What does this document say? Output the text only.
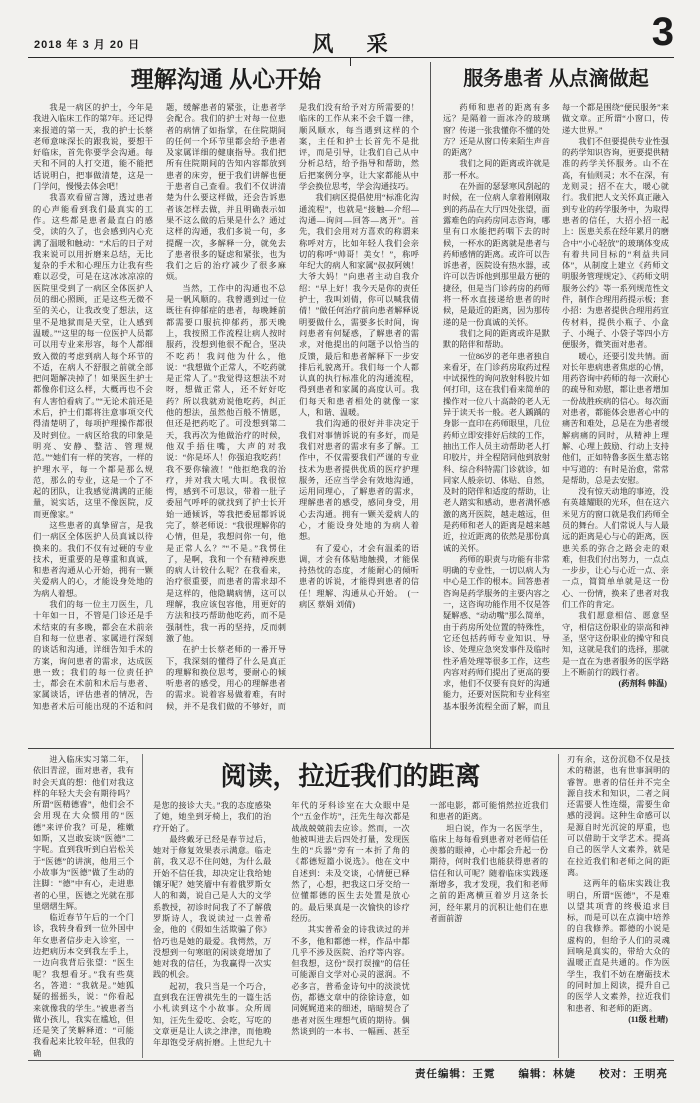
2018 年 3 月 20 日	风 采	3
理解沟通 从心开始

我是一病区的护士，今年是我进入临床工作的第7年。还记得来报道的第一天，我的护士长蔡老师意味深长的跟我说，要想干好临床，首先你要学会沟通。每天和不同的人打交道，能不能把话说明白，把事做清楚，这是一门学问，慢慢去体会吧！

我喜欢看留言簿，透过患者的心声能看到我们最真实的工作。这些都是患者最直白的感受，读的久了，也会感到内心充满了温暖和触动：“术后的日子对我来说可以用折磨来总结，无比复杂的手术和心理压力让我有些难以忍受，可是在这冰冰凉凉的医院里受到了一病区全体医护人员的细心照顾，正是这些无微不至的关心，让我改变了想法，这里不是地狱而是天堂，让人感到温暖。”“这里的每一位医护人员都可以用专业来形容，每个人都细致入微的考虑到病人每个环节的不适，在病人不舒服之前就全部把问题解决掉了！如果医生护士都像你们这么样，大概再也不会有人害怕看病了。”“无论术前还是术后，护士们都将注意事项交代得清楚明了，每项护理操作都很及时到位。一病区给我的印象是明亮、安静、整洁、管理规范。”“她们有一样的笑容，一样的护理水平，每一个都是那么规范，那么的专业，这是一个了不起的团队，让我感觉满满的正能量，说实话，这里不像医院，反而更像家。”

这些患者的真挚留言，是我们一病区全体医护人员真诚以待换来的。我们不仅有过硬的专业技术，更重要的是尊重和真诚，和患者沟通从心开始，拥有一颗关爱病人的心，才能设身处地的为病人着想。

我们的每一位主刀医生，几十年如一日，不管是门诊还是手术结束的有多晚，都会在术前亲自和每一位患者、家属进行深刻的谈话和沟通，详细告知手术的方案，询问患者的需求，达成医患一致；我们的每一位责任护士，都会在术前和术后与患者、家属谈话，评估患者的情况，告知患者术后可能出现的不适和问题，缓解患者的紧张，让患者学会配合。我们的护士对每一位患者的病情了如指掌，在住院期间的任何一个环节里都会给予患者及家属详细的健康指导。我们把所有住院期间的告知内容都放到患者的床旁，便于我们讲解也便于患者自己查看。我们不仅讲清楚为什么要这样做，还会告诉患者该怎样去做，并且明确表示如果不这么做的后果是什么？通过这样的沟通，我们多说一句，多提醒一次，多解释一分，就免去了患者很多的疑虑和紧张，也为我们之后的治疗减少了很多麻烦。

当然，工作中的沟通也不总是一帆风顺的。我曾遇到过一位既往有抑郁症的患者，每晚睡前都需要口服抗抑郁药，那天晚上，我按照工作流程让病人按时服药，没想到他很不配合，坚决不吃药！我问他为什么，他说：“我想做个正常人，不吃药就是正常人了。”我觉得这想法不对呀，想做正常人，还不好好吃药？所以我就劝说他吃药，纠正他的想法，虽然他百般不情愿，但还是把药吃了。可没想到第二天，我再次为他做治疗的时候，他双手捂住嘴，大声的对我说：“你是坏人！你强迫我吃药！我不要你输液！”他拒绝我的治疗，并对我大吼大叫。我很惊愕，感到不可思议，带着一肚子委屈气呼呼的就找到了护士长开始一通倾诉，等我把委屈都诉说完了，蔡老师说：“我很理解你的心情，但是，我想问你一句，他是正常人么？”“不是。”我愣住了，是啊，我和一个有精神疾患的病人计较什么呢？在我看来，治疗很重要，而患者的需求却不是这样的，他隐瞒病情，这可以理解，我应该包容他，用更好的方法和技巧帮助他吃药，而不是强制性，我一再的坚持，反而刺激了他。

在护士长蔡老师的一番开导下，我深刻的懂得了什么是真正的理解和换位思考，要耐心的倾听患者的感受，用心的理解患者的需求。说着容易做着难，有时候，并不是我们做的不够好，而是我们没有给予对方所需要的！临床的工作从来不会千篇一律，顺风顺水，每当遇到这样的个案，主任和护士长首先不是批评，而是引导，让我们自己从中分析总结，给予指导和帮助，然后把案例分享，让大家都能从中学会换位思考，学会沟通技巧。

我们病区提倡使用“标准化沟通流程”，也就是“接触—介绍—沟通—询问—回答—离开”。首先，我们会用对方喜欢的称谓来称呼对方，比如年轻人我们会亲切的称呼“帅哥！美女！”，称呼年纪大的病人和家属“叔叔阿姨！大爷大妈！”向患者主动自我介绍：“早上好！我今天是你的责任护士，我叫刘倩，你可以喊我倩倩！”做任何治疗前向患者解释说明要做什么，需要多长时间，询问患者有何疑惑，了解患者的需求，对他提出的问题予以恰当的反馈，最后和患者解释下一步安排后礼貌离开。我们每一个人都认真的执行标准化的沟通流程，得到患者和家属的高度认可。我们每天和患者相处的就像一家人，和谐、温暖。

我们沟通的很好并非决定于我们对事情诉说的有多好，而是我们对患者的需求有多了解。工作中，不仅需要我们严谨的专业技术为患者提供优质的医疗护理服务，还应当学会有效地沟通，运用同理心，了解患者的需求，理解患者的感受，感同身受，用心去沟通。拥有一颗关爱病人的心，才能设身处地的为病人着想。

有了爱心，才会有温柔的语调，才会有体贴地触摸，才能保持热忱的态度，才能耐心的倾听患者的诉说，才能得到患者的信任！理解、沟通从心开始。　(一病区 蔡娟 刘倩)

服务患者 从点滴做起

药师和患者的距离有多远？是隔着一面冰冷的玻璃窗？传递一张我懂你不懂的处方？还是从窗口传来陌生声音的距离？

我们之间的距离或许就是那一杯水。

在外面的瑟瑟寒风刮起的时候，在一位病人拿着刚刚取到的药品在大厅四处张望，面露难色的向药房同志咨询，哪里有口水能把药咽下去的时候，一杯水的距离就是患者与药师感情的距离。或许可以告诉患者，医院设有热水器，或许可以告诉他到那里最方便的捷径，但是当门诊药房的药师将一杯水直接递给患者的时候，是最近的距离，因为那传递的是一份真诚的关怀。

我们之间的距离或许是默默的陪伴和帮助。

一位86岁的老年患者独自来看牙，在门诊药房取药过程中试探性的询问放射科胶片如何打印，这在我们看来简单的操作对一位八十高龄的老人无异于读天书一般。老人踽踽的身影一直印在药师眼里，几位药师立即安排好后续的工作，抽出工作人员主动帮助老人打印胶片，并全程陪同他到放射科、综合科特需门诊就诊，如同家人般亲切、体贴、自然，及时的陪伴和适度的帮助，让老人踏实和感动，患者满怀感激的离开医院，越走越远，但是药师和老人的距离是越来越近，拉近距离的依然是那份真诚的关怀。

药师的职责与功能有非常明确的专业性，一切以病人为中心是工作的根本。回答患者咨询是药学服务的主要内容之一，这咨询功能作用不仅是答疑解惑、“动动嘴”那么简单，由于药房所处位置的特殊性，它还包括药师专业知识、导诊、处理应急突发事件及临时性矛盾处理等很多工作，这些内容对药师们提出了更高的要求，他们不仅要有良好的沟通能力，还要对医院和专业科室基本服务流程全面了解，而且每一个都是围绕“便民服务”来做文章。正所谓“小窗口，传递大世界。”

我们不但要提供专业性强的药学知识咨询，更要提供精准的药学关怀服务。山不在高，有仙则灵；水不在深，有龙则灵；招不在大，暖心就行。我们把人文关怀真正融入到专业的药学服务中，为取得患者的信任，大招小招一起上：医患关系在经年累月的磨合中“小心轻放”的玻璃体变成有着共同目标的“利益共同体”，从制度上建立《药师文明服务管理规定》、《药师文明服务公约》等一系列规范性文件，制作合理用药提示板；套小招：为患者提供合理用药宣传材料，提供小瓶子、小盒子、小绳子、小袋子等四小方便服务，微笑面对患者。

暖心，还要引发共情。面对长年患病患者焦虑的心情，用药咨询中药师的每一次耐心的疏导和劝慰，都让患者增加一份战胜疾病的信心。每次面对患者，都能体会患者心中的痛苦和难处，总是在为患者缓解病痛的同时，从精神上理解、心理上鼓励、行动上支持他们，正如特鲁多医生墓志铭中写道的：有时是治愈，常常是帮助，总是去安慰。

没有惊天动地的事迹，没有英雄耀眼的光环，但在这六米见方的窗口就是我们药师全员的舞台。人们常说人与人最远的距离是心与心的距离，医患关系的弥合之路会走的艰难，但我们付出努力，一点点一步步，让心与心近一点、亲一点，简简单单就是这一份心、一份情，换来了患者对我们工作的肯定。

我们愿意相信、愿意坚守，相信这份职业的崇高和神圣，坚守这份职业的操守和良知，这就是我们的选择，那就是一直在为患者服务的医学路上不断前行的践行者。

(药剂科 韩温)

进入临床实习第二年，依旧青涩，面对患者，我有时会天真的想：他们对我这样的年轻大夫会有期待吗？所谓“医精德睿”，他们会不会用现在大众惯用的“医德”来评价我？可是，稚嫩如斯，又岂敢妄谈“医德”二字呢。直到我听到白岩松关于“医德”的讲演，他用三个小故事为“医德”做了生动的注脚：“德”中有心，走进患者的心里，医德之光就在那里熠熠生辉。

临近春节午后的一个门诊，我转身看到一位外国中年女患者信步走入诊室，一边把病历本交到我左手上，一边向我背后张望：“医生呢？我想看牙。”我有些莫名，答道：“我就是。”她狐疑的摇摇头，说：“你看起来就像我的学生。”被患者当做小孩儿，我实在尴尬，但还是笑了笑解释道：“可能我看起来比较年轻，但我的确

阅读，拉近我们的距离

是您的接诊大夫。”我的态度感染了她，她坐到牙椅上，我们的治疗开始了。

最终戴牙已经是春节过后，她对于修复效果表示满意。临走前，我又忍不住问她，为什么最开始不信任我，却决定让我给她镶牙呢？她笑靥中有着俄罗斯女人的和蔼，说自己是人大的文学系教授，初诊时间我了不了解俄罗斯诗人，我说读过一点普希金，他的《假如生活欺骗了你》恰巧也是她的最爱。我愕然，万没想到一句寒暄的闲谈竟增加了她对我的信任，为我赢得一次实践的机会。

起初，我只当是一个巧合，直到我在汪曾祺先生的一篇生活小札读到这个小故事。众所周知，汪先生爱吃、会吃，写吃的文章更是让人读之津津，而他晚年却饱受牙病折磨。上世纪九十年代的牙科诊室在大众眼中是个“五金作坊”，汪先生每次都是战战兢兢前去应诊。然而，一次他被叫进去后四处打量，发现医生的“兵器”旁有一本折了角的《都德短篇小说选》。他在文中自述到：未及交谈，心情便已释然了，心想，把我这口牙交给一位懂都德的医生去处置是放心的。最后果真是一次愉快的诊疗经历。

其实普希金的诗我读过的并不多，他和都德一样，作品中都几乎不涉及医院、治疗等内容。但我想，这份“误打误撞”的信任可能源自文学对心灵的滋润。不必多言，普希金诗句中的淡淡忧伤，都德文章中的徐徐诗意，如同娓娓道来的细述，暗暗契合了患者对医生理想气质的期待。偶然谈到的一本书、一幅画、甚至一部电影，都可能悄然拉近我们和患者的距离。

坦白说，作为一名医学生，临床上每每看到患者对老师信任羡慕的眼神，心中都会升起一份期待，何时我们也能获得患者的信任和认可呢？随着临床实践逐渐增多，我才发现，我们和老师之前的距离横亘着岁月这条长河，经年累月的沉积让他们在患者面前游

刃有余，这份沉稳不仅是技术的精湛，也有世事洞明的睿智。患者的信任并不完全源自技术和知识，二者之间还需要人性连缀，需要生命感的浸润。这种生命感可以是源自时光沉淀的厚重，也可以借助于文学艺术。提高自己的医学人文素养，就是在拉近我们和老师之间的距离。

这两年的临床实践让我明白，所谓“医德”，不是难以望其项背的终极追求目标，而是可以在点滴中培养的自我修养。都德的小说是虚构的，但给予人们的灵魂回响是真实的，带给大众的温暖正直是共通的。作为医学生，我们不妨在磨砺技术的同时加上阅读，提升自己的医学人文素养，拉近我们和患者、和老师的距离。

(11级 杜晴)

责任编辑：王霓　　编辑：林婕　　校对：王明亮
